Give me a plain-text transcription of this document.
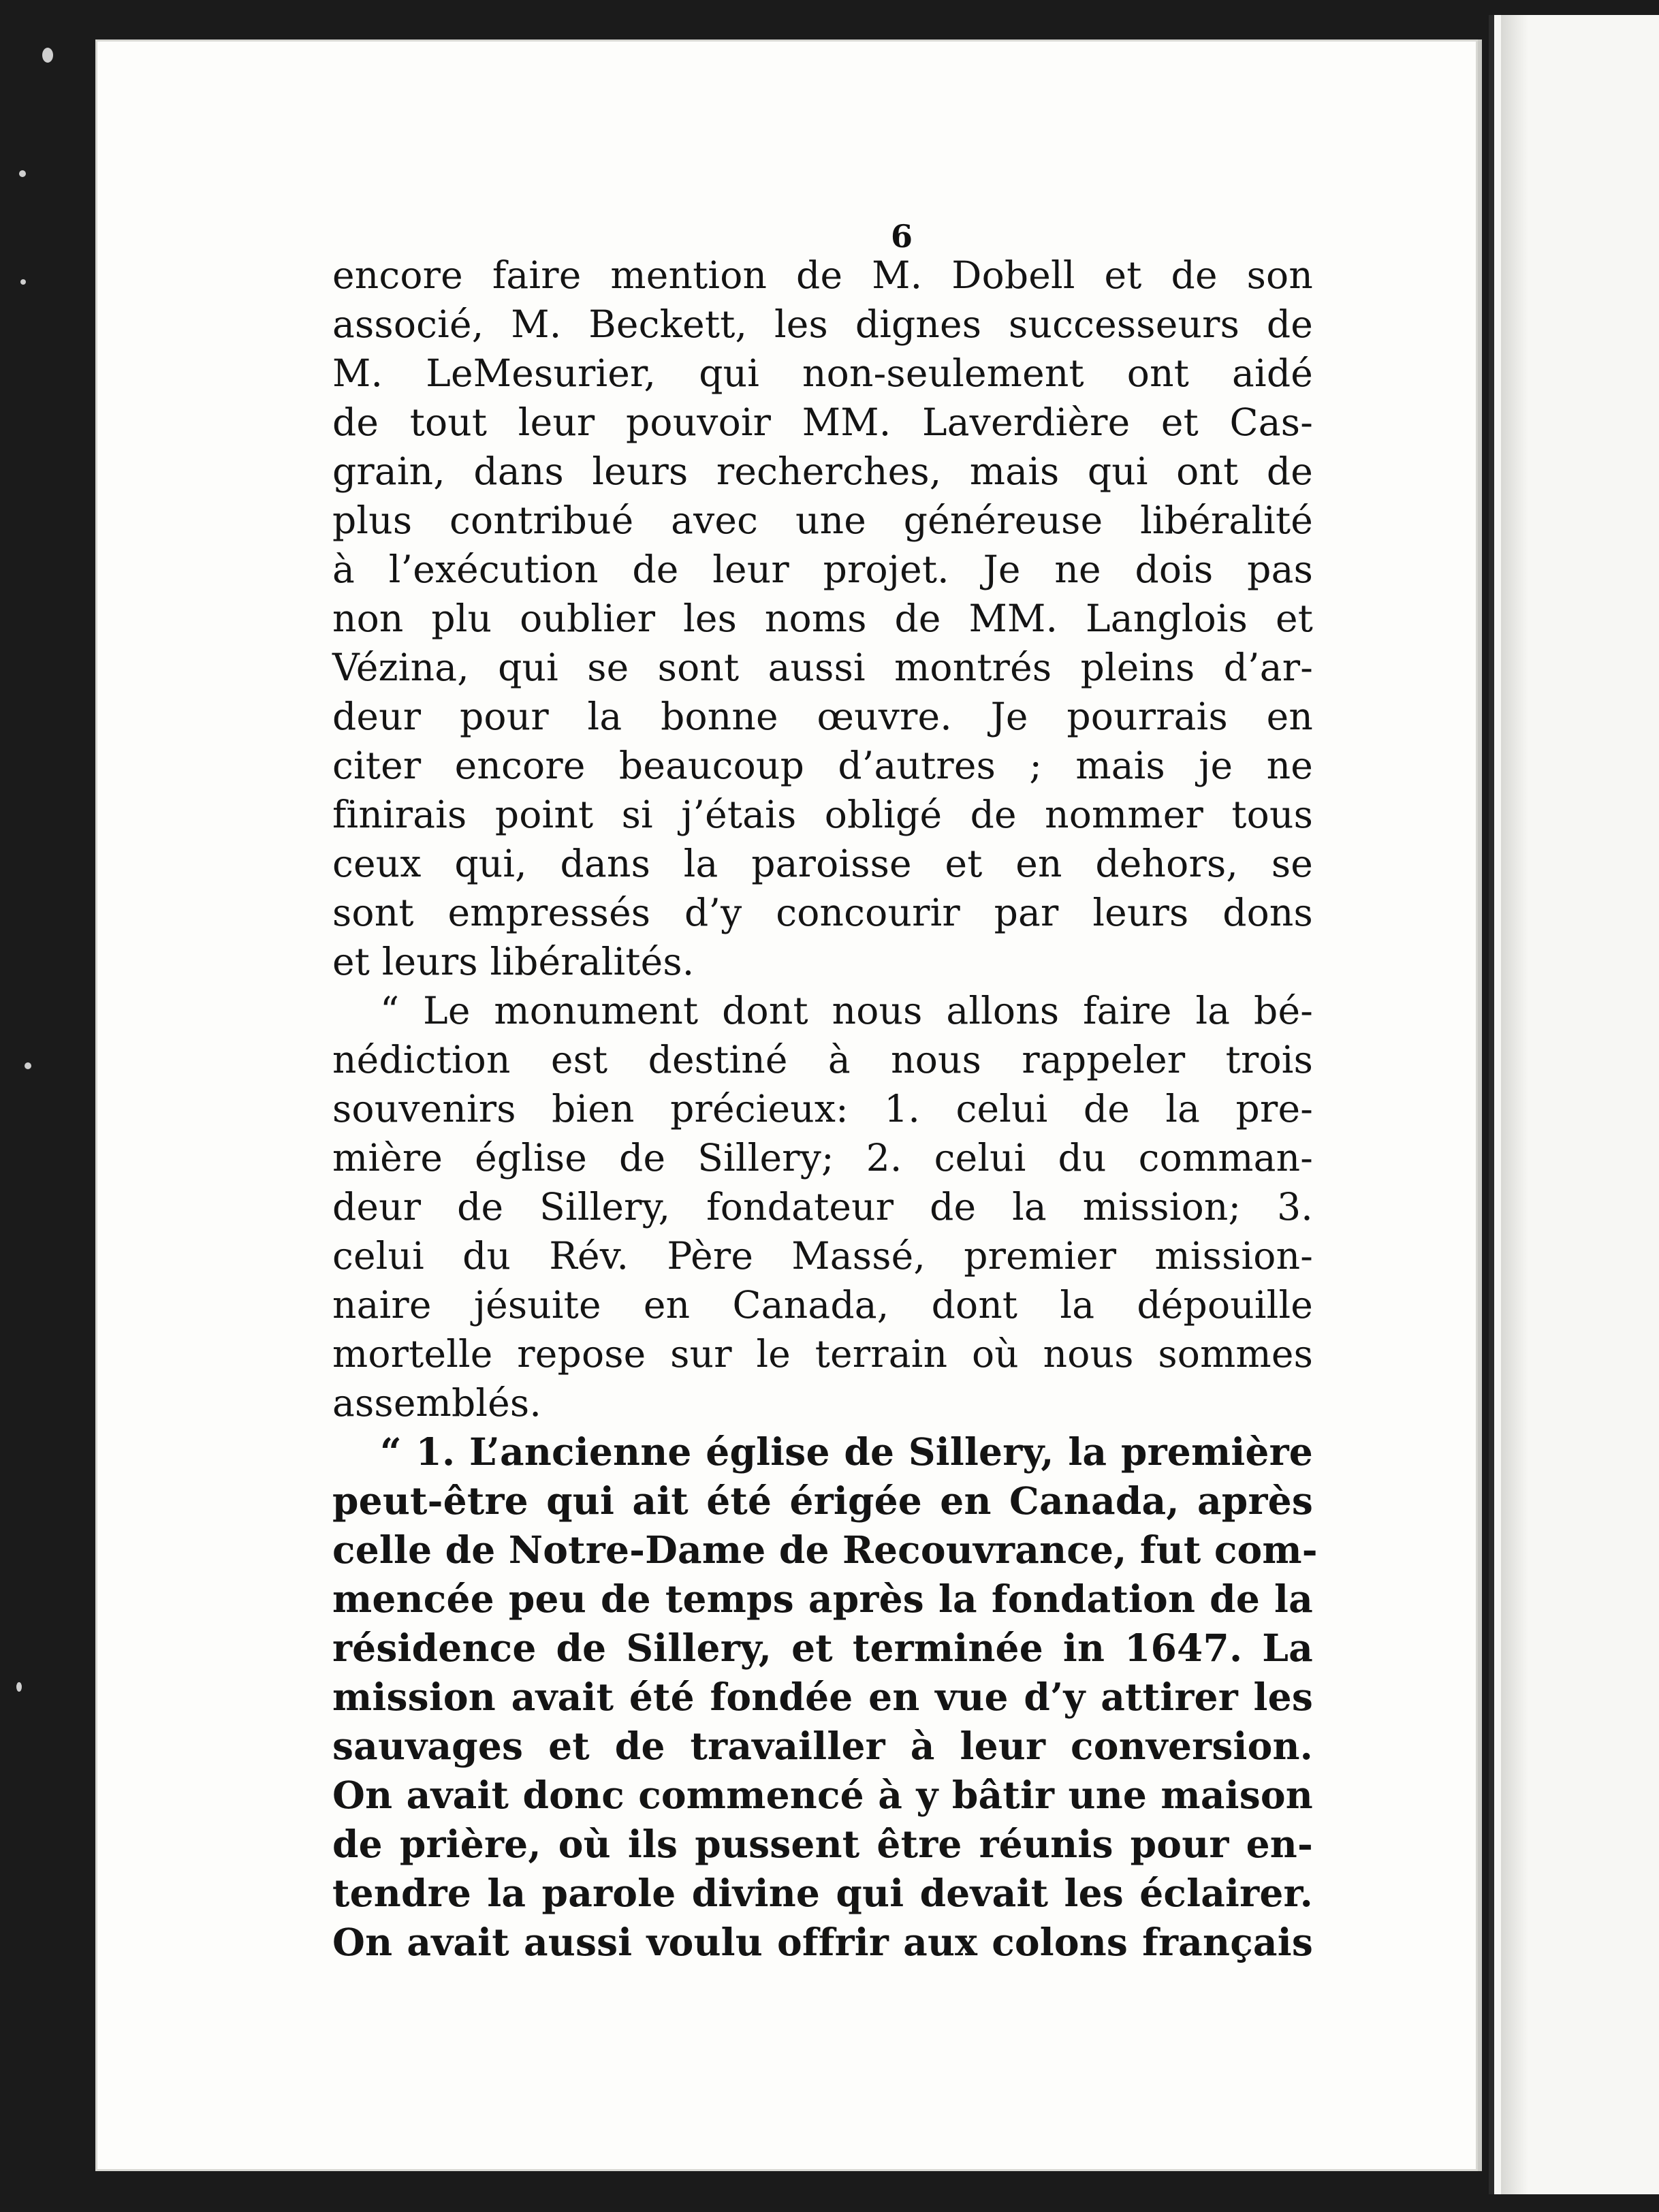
6
encore faire mention de M. Dobell et de son
associé, M. Beckett, les dignes successeurs de
M. LeMesurier, qui non-seulement ont aidé
de tout leur pouvoir MM. Laverdière et Cas-
grain, dans leurs recherches, mais qui ont de
plus contribué avec une généreuse libéralité
à l’exécution de leur projet. Je ne dois pas
non plu oublier les noms de MM. Langlois et
Vézina, qui se sont aussi montrés pleins d’ar-
deur pour la bonne œuvre. Je pourrais en
citer encore beaucoup d’autres ; mais je ne
finirais point si j’étais obligé de nommer tous
ceux qui, dans la paroisse et en dehors, se
sont empressés d’y concourir par leurs dons
et leurs libéralités.
“ Le monument dont nous allons faire la bé-
nédiction est destiné à nous rappeler trois
souvenirs bien précieux: 1. celui de la pre-
mière église de Sillery; 2. celui du comman-
deur de Sillery, fondateur de la mission; 3.
celui du Rév. Père Massé, premier mission-
naire jésuite en Canada, dont la dépouille
mortelle repose sur le terrain où nous sommes
assemblés.
“ 1. L’ancienne église de Sillery, la première
peut-être qui ait été érigée en Canada, après
celle de Notre-Dame de Recouvrance, fut com-
mencée peu de temps après la fondation de la
résidence de Sillery, et terminée in 1647. La
mission avait été fondée en vue d’y attirer les
sauvages et de travailler à leur conversion.
On avait donc commencé à y bâtir une maison
de prière, où ils pussent être réunis pour en-
tendre la parole divine qui devait les éclairer.
On avait aussi voulu offrir aux colons français
